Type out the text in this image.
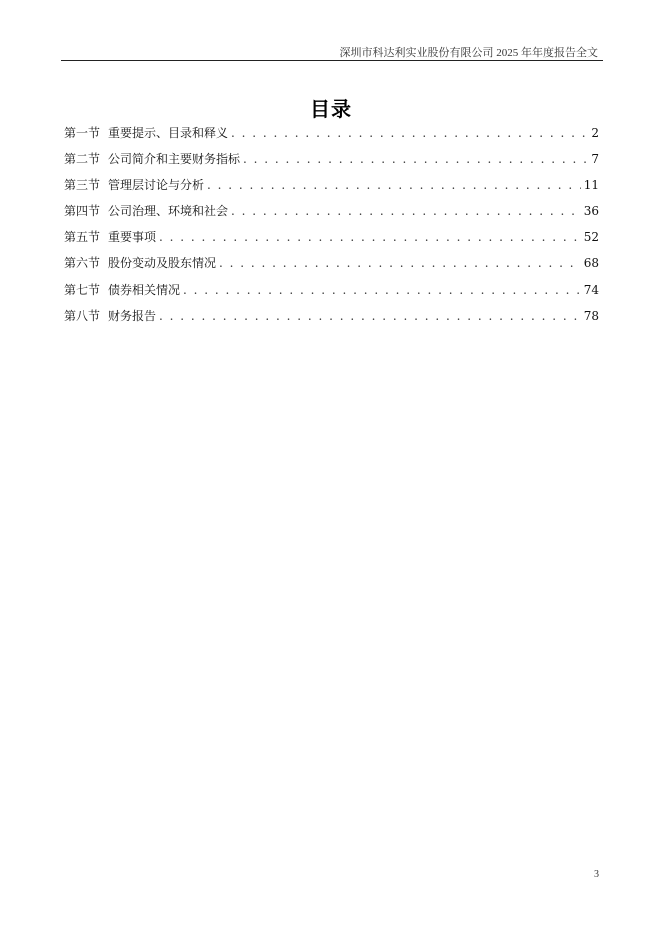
深圳市科达利实业股份有限公司 2025 年年度报告全文
目录
第一节 重要提示、目录和释义 . . .	2
第二节 公司简介和主要财务指标 . . .	7
第三节 管理层讨论与分析 . . .	11
第四节 公司治理、环境和社会 . . .	36
第五节 重要事项 . . .	52
第六节 股份变动及股东情况 . . .	68
第七节 债券相关情况 . . .	74
第八节 财务报告 . . .	78
3
